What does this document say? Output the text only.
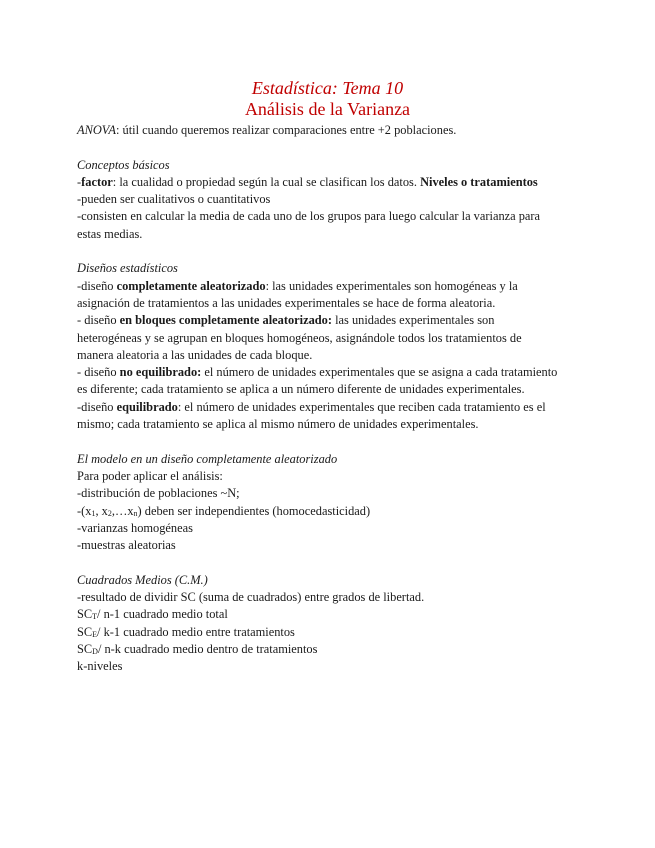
Estadística: Tema 10
Análisis de la Varianza
ANOVA: útil cuando queremos realizar comparaciones entre +2 poblaciones.
Conceptos básicos
-factor: la cualidad o propiedad según la cual se clasifican los datos. Niveles o tratamientos
-pueden ser cualitativos o cuantitativos
-consisten en calcular la media de cada uno de los grupos para luego calcular la varianza para
estas medias.
Diseños estadísticos
-diseño completamente aleatorizado: las unidades experimentales son homogéneas y la
asignación de tratamientos a las unidades experimentales se hace de forma aleatoria.
- diseño en bloques completamente aleatorizado: las unidades experimentales son
heterogéneas y se agrupan en bloques homogéneos, asignándole todos los tratamientos de
manera aleatoria a las unidades de cada bloque.
- diseño no equilibrado: el número de unidades experimentales que se asigna a cada tratamiento
es diferente; cada tratamiento se aplica a un número diferente de unidades experimentales.
-diseño equilibrado: el número de unidades experimentales que reciben cada tratamiento es el
mismo; cada tratamiento se aplica al mismo número de unidades experimentales.
El modelo en un diseño completamente aleatorizado
Para poder aplicar el análisis:
-distribución de poblaciones ~N;
$-(x_1$, $x_2,\dots x_n$) deben ser independientes (homocedasticidad)
-varianzas homogéneas
-muestras aleatorias
Cuadrados Medios (C.M.)
-resultado de dividir SC (suma de cuadrados) entre grados de libertad.
$SC_T/$ n-1 cuadrado medio total
$SC_E/$ k-1 cuadrado medio entre tratamientos
$SC_D/$ n-k cuadrado medio dentro de tratamientos
k-niveles
